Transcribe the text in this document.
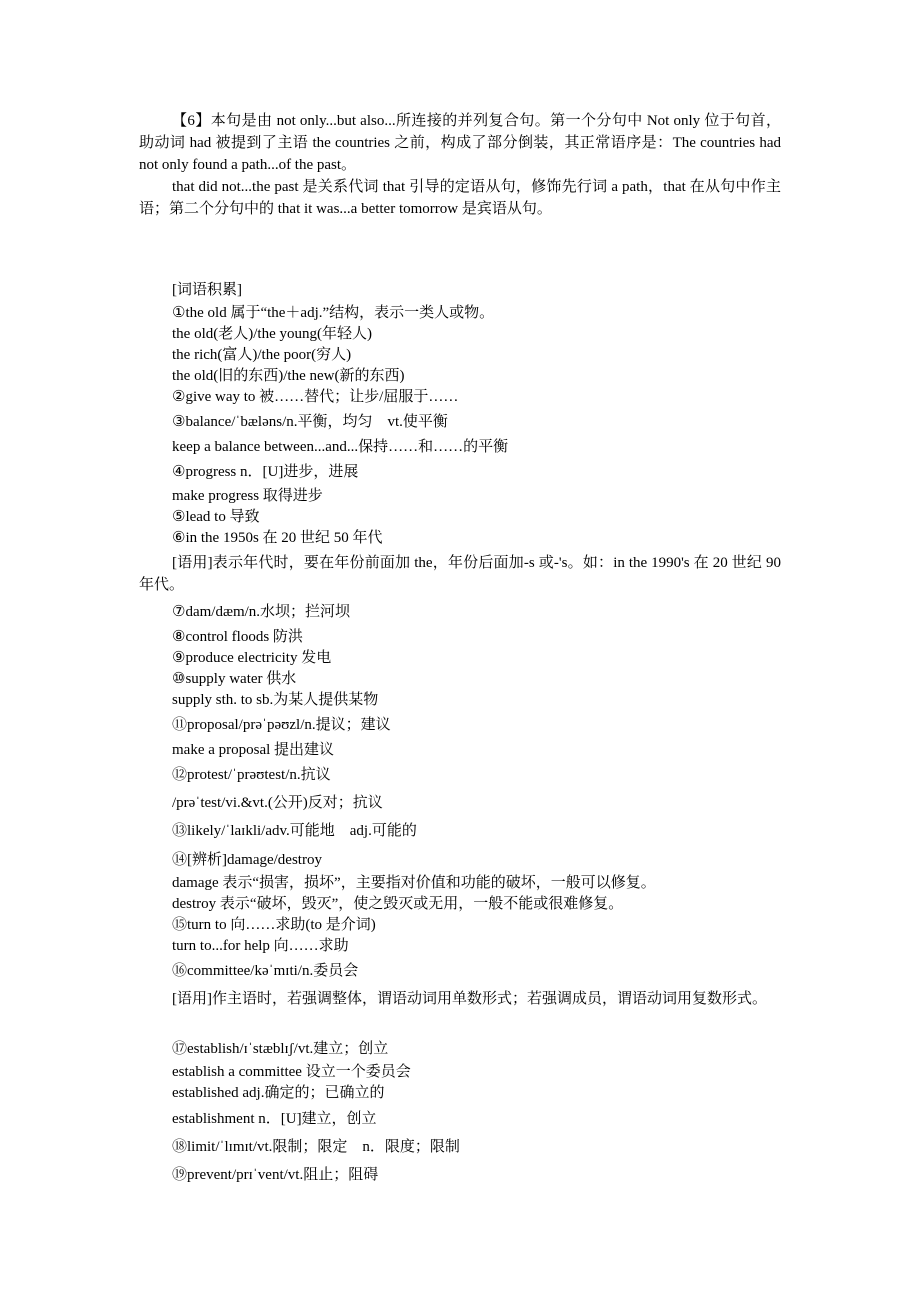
【6】本句是由 not only...but also...所连接的并列复合句。第一个分句中 Not only 位于句首，助动词 had 被提到了主语 the countries 之前，构成了部分倒装，其正常语序是：The countries had not only found a path...of the past。
that did not...the past 是关系代词 that 引导的定语从句，修饰先行词 a path，that 在从句中作主语；第二个分句中的 that it was...a better tomorrow 是宾语从句。
[词语积累]
①the old 属于“the＋adj.”结构，表示一类人或物。
the old(老人)/the young(年轻人)
the rich(富人)/the poor(穷人)
the old(旧的东西)/the new(新的东西)
②give way to 被……替代；让步/屈服于……
③balance/ˈbæləns/n.平衡，均匀　vt.使平衡
keep a balance between...and...保持……和……的平衡
④progress n．[U]进步，进展
make progress 取得进步
⑤lead to 导致
⑥in the 1950s 在 20 世纪 50 年代
[语用]表示年代时，要在年份前面加 the，年份后面加-s 或-'s。如：in the 1990's 在 20 世纪 90 年代。
⑦dam/dæm/n.水坝；拦河坝
⑧control floods 防洪
⑨produce electricity 发电
⑩supply water 供水
supply sth. to sb.为某人提供某物
⑪proposal/prəˈpəʊzl/n.提议；建议
make a proposal 提出建议
⑫protest/ˈprəʊtest/n.抗议
/prəˈtest/vi.&vt.(公开)反对；抗议
⑬likely/ˈlaɪkli/adv.可能地　adj.可能的
⑭[辨析]damage/destroy
damage 表示“损害，损坏”，主要指对价值和功能的破坏，一般可以修复。
destroy 表示“破坏，毁灭”，使之毁灭或无用，一般不能或很难修复。
⑮turn to 向……求助(to 是介词)
turn to...for help 向……求助
⑯committee/kəˈmɪti/n.委员会
[语用]作主语时，若强调整体，谓语动词用单数形式；若强调成员，谓语动词用复数形式。
⑰establish/ɪˈstæblɪʃ/vt.建立；创立
establish a committee 设立一个委员会
established adj.确定的；已确立的
establishment n．[U]建立，创立
⑱limit/ˈlɪmɪt/vt.限制；限定　n．限度；限制
⑲prevent/prɪˈvent/vt.阻止；阻碍
